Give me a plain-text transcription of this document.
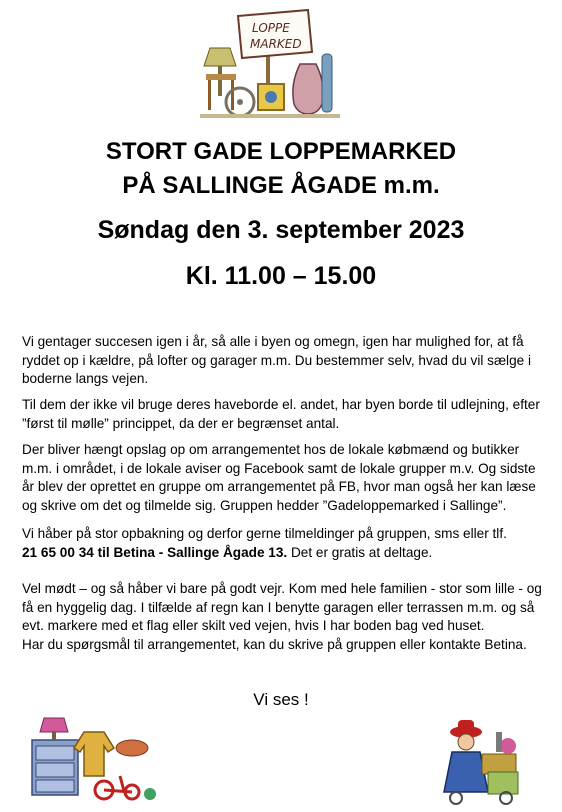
LOPPE
MARKED
STORT GADE LOPPEMARKED
PÅ SALLINGE ÅGADE m.m.
Søndag den 3. september 2023
Kl. 11.00 – 15.00

Vi gentager succesen igen i år, så alle i byen og omegn, igen har mulighed for, at få ryddet op i kældre, på lofter og garager m.m. Du bestemmer selv, hvad du vil sælge i boderne langs vejen.

Til dem der ikke vil bruge deres haveborde el. andet, har byen borde til udlejning, efter ”først til mølle” princippet, da der er begrænset antal.

Der bliver hængt opslag op om arrangementet hos de lokale købmænd og butikker m.m. i området, i de lokale aviser og Facebook samt de lokale grupper m.v. Og sidste år blev der oprettet en gruppe om arrangementet på FB, hvor man også her kan læse og skrive om det og tilmelde sig. Gruppen hedder ”Gadeloppemarked i Sallinge”.

Vi håber på stor opbakning og derfor gerne tilmeldinger på gruppen, sms eller tlf.
21 65 00 34 til Betina - Sallinge Ågade 13. Det er gratis at deltage.

Vel mødt – og så håber vi bare på godt vejr. Kom med hele familien - stor som lille - og få en hyggelig dag. I tilfælde af regn kan I benytte garagen eller terrassen m.m. og så evt. markere med et flag eller skilt ved vejen, hvis I har boden bag ved huset.
Har du spørgsmål til arrangementet, kan du skrive på gruppen eller kontakte Betina.

Vi ses !
